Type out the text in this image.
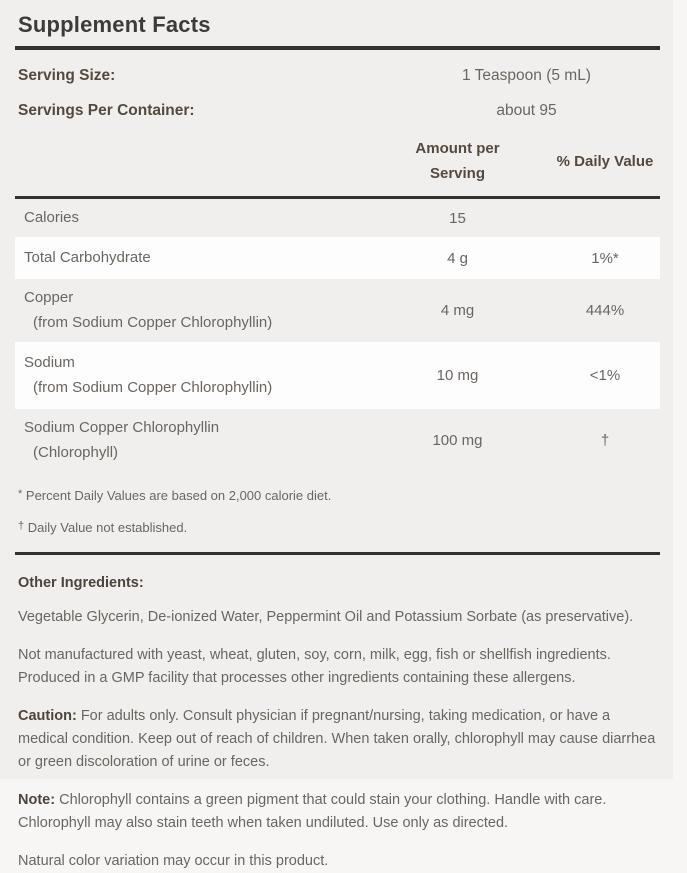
Supplement Facts
Serving Size:	1 Teaspoon (5 mL)
Servings Per Container:	about 95
Amount per Serving
% Daily Value
Calories	15
Total Carbohydrate	4 g	1%*
Copper
(from Sodium Copper Chlorophyllin)
4 mg	444%
Sodium
(from Sodium Copper Chlorophyllin)
10 mg	<1%
Sodium Copper Chlorophyllin
(Chlorophyll)
100 mg	†
* Percent Daily Values are based on 2,000 calorie diet.
† Daily Value not established.
Other Ingredients:
Vegetable Glycerin, De-ionized Water, Peppermint Oil and Potassium Sorbate (as preservative).
Not manufactured with yeast, wheat, gluten, soy, corn, milk, egg, fish or shellfish ingredients. Produced in a GMP facility that processes other ingredients containing these allergens.
Caution: For adults only. Consult physician if pregnant/nursing, taking medication, or have a medical condition. Keep out of reach of children. When taken orally, chlorophyll may cause diarrhea or green discoloration of urine or feces.
Note: Chlorophyll contains a green pigment that could stain your clothing. Handle with care. Chlorophyll may also stain teeth when taken undiluted. Use only as directed.
Natural color variation may occur in this product.
